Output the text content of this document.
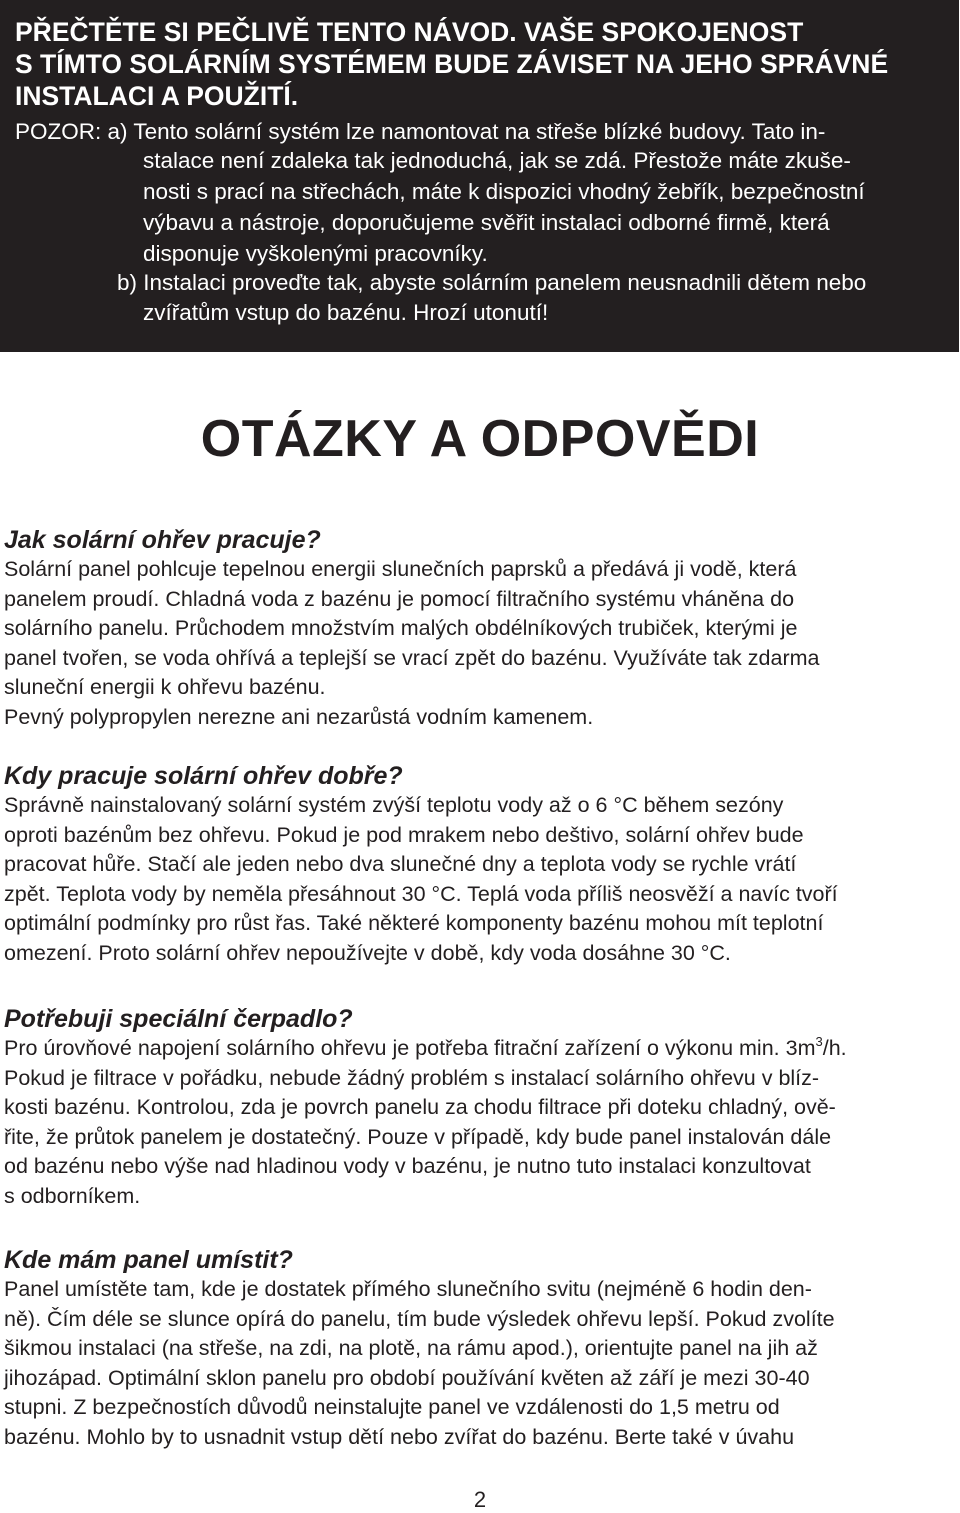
PŘEČTĚTE SI PEČLIVĚ TENTO NÁVOD. VAŠE SPOKOJENOST
S TÍMTO SOLÁRNÍM SYSTÉMEM BUDE ZÁVISET NA JEHO SPRÁVNÉ
INSTALACI A POUŽITÍ.

POZOR: a) Tento solární systém lze namontovat na střeše blízké budovy. Tato in-
stalace není zdaleka tak jednoduchá, jak se zdá. Přestože máte zkuše-
nosti s prací na střechách, máte k dispozici vhodný žebřík, bezpečnostní
výbavu a nástroje, doporučujeme svěřit instalaci odborné firmě, která
disponuje vyškolenými pracovníky.
b) Instalaci proveďte tak, abyste solárním panelem neusnadnili dětem nebo
zvířatům vstup do bazénu. Hrozí utonutí!
OTÁZKY A ODPOVĚDI
Jak solární ohřev pracuje?

Solární panel pohlcuje tepelnou energii slunečních paprsků a předává ji vodě, která
panelem proudí. Chladná voda z bazénu je pomocí filtračního systému vháněna do
solárního panelu. Průchodem množstvím malých obdélníkových trubiček, kterými je
panel tvořen, se voda ohřívá a teplejší se vrací zpět do bazénu. Využíváte tak zdarma
sluneční energii k ohřevu bazénu.
Pevný polypropylen nerezne ani nezarůstá vodním kamenem.

Kdy pracuje solární ohřev dobře?

Správně nainstalovaný solární systém zvýší teplotu vody až o 6 °C během sezóny
oproti bazénům bez ohřevu. Pokud je pod mrakem nebo deštivo, solární ohřev bude
pracovat hůře. Stačí ale jeden nebo dva slunečné dny a teplota vody se rychle vrátí
zpět. Teplota vody by neměla přesáhnout 30 °C. Teplá voda příliš neosvěží a navíc tvoří
optimální podmínky pro růst řas. Také některé komponenty bazénu mohou mít teplotní
omezení. Proto solární ohřev nepoužívejte v době, kdy voda dosáhne 30 °C.

Potřebuji speciální čerpadlo?

Pro úrovňové napojení solárního ohřevu je potřeba fitrační zařízení o výkonu min. $3m^3/h$.
Pokud je filtrace v pořádku, nebude žádný problém s instalací solárního ohřevu v blíz-
kosti bazénu. Kontrolou, zda je povrch panelu za chodu filtrace při doteku chladný, ově-
řite, že průtok panelem je dostatečný. Pouze v případě, kdy bude panel instalován dále
od bazénu nebo výše nad hladinou vody v bazénu, je nutno tuto instalaci konzultovat
s odborníkem.

Kde mám panel umístit?

Panel umístěte tam, kde je dostatek přímého slunečního svitu (nejméně 6 hodin den-
ně). Čím déle se slunce opírá do panelu, tím bude výsledek ohřevu lepší. Pokud zvolíte
šikmou instalaci (na střeše, na zdi, na plotě, na rámu apod.), orientujte panel na jih až
jihozápad. Optimální sklon panelu pro období používání květen až září je mezi 30-40
stupni. Z bezpečnostích důvodů neinstalujte panel ve vzdálenosti do 1,5 metru od
bazénu. Mohlo by to usnadnit vstup dětí nebo zvířat do bazénu. Berte také v úvahu

2
